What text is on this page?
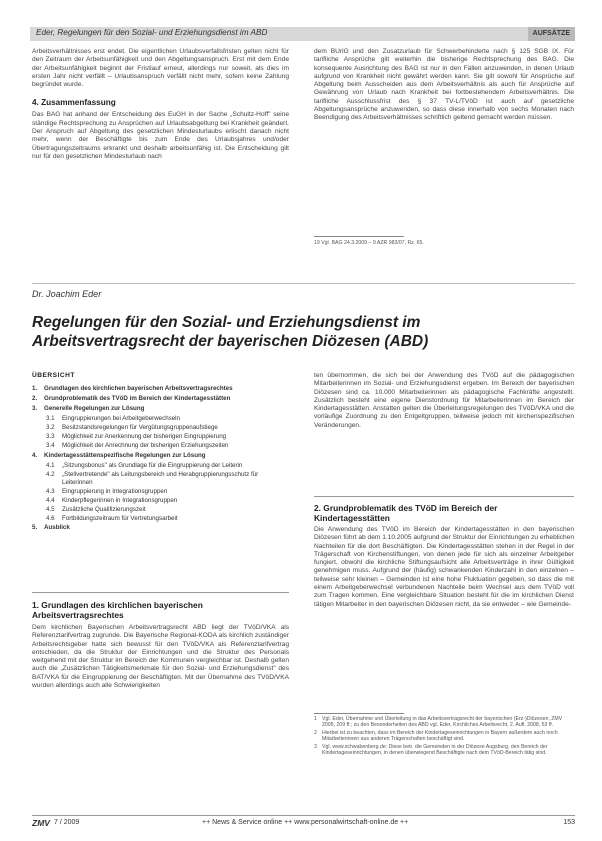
Eder, Regelungen für den Sozial- und Erziehungsdienst im ABD	AUFSÄTZE

Arbeitsverhältnisses erst endet. Die eigentlichen Urlaubsverfallsfristen gelten nicht für den Zeitraum der Arbeitsunfähigkeit und den Abgeltungsanspruch. Erst mit dem Ende der Arbeitsunfähigkeit beginnt der Fristlauf erneut, allerdings nur soweit, als dies im ersten Jahr nicht verfällt – Urlaubsanspruch verfällt nicht mehr, sofern keine Zahlung begründet wurde.

4. Zusammenfassung

Das BAG hat anhand der Entscheidung des EuGH in der Sache „Schultz-Hoff" seine ständige Rechtsprechung zu Ansprüchen auf Urlaubsabgeltung bei Krankheit geändert. Der Anspruch auf Abgeltung des gesetzlichen Mindesturlaubs erlischt danach nicht mehr, wenn der Beschäftigte bis zum Ende des Urlaubsjahres und/oder Übertragungszeitraums erkrankt und deshalb arbeitsunfähig ist. Die Entscheidung gilt nur für den gesetzlichen Mindesturlaub nach

dem BUrlG und den Zusatzurlaub für Schwerbehinderte nach § 125 SGB IX. Für tarifliche Ansprüche gilt weiterhin die bisherige Rechtsprechung des BAG. Die konsequente Ausrichtung des BAG ist nur in den Fällen anzuwenden, in denen Urlaub aufgrund von Krankheit nicht gewährt werden kann. Sie gilt sowohl für Ansprüche auf Abgeltung beim Ausscheiden aus dem Arbeitsverhältnis als auch für Ansprüche auf Gewährung von Urlaub nach Krankheit bei fortbestehendem Arbeitsverhältnis. Die tarifliche Ausschlussfrist des § 37 TV-L/TVöD ist auch auf gesetzliche Abgeltungsansprüche anzuwenden, so dass diese innerhalb von sechs Monaten nach Beendigung des Arbeitsverhältnisses schriftlich geltend gemacht werden müssen.

19 Vgl. BAG 24.3.2009 – 9 AZR 983/07, Rz. 65.
Dr. Joachim Eder
Regelungen für den Sozial- und Erziehungsdienst im Arbeitsvertragsrecht der bayerischen Diözesen (ABD)
ÜBERSICHT
1.	Grundlagen des kirchlichen bayerischen Arbeitsvertragsrechtes
2.	Grundproblematik des TVöD im Bereich der Kindertagesstätten
3.	Generelle Regelungen zur Lösung
3.1	Eingruppierungen bei Arbeitgeberwechseln
3.2	Besitzstandsregelungen für Vergütungsgruppenaufstiege
3.3	Möglichkeit zur Anerkennung der bisherigen Eingruppierung
3.4	Möglichkeit der Anrechnung der bisherigen Erziehungszeiten
4.	Kindertagesstättenspezifische Regelungen zur Lösung
4.1	„Sitzungsbonus" als Grundlage für die Eingruppierung der Leiterin
4.2	„Stellvertretende" als Leitungsbereich und Herabgruppierungsschutz für Leiterinnen
4.3	Eingruppierung in Integrationsgruppen
4.4	Kinderpflegerinnen in Integrationsgruppen
4.5	Zusätzliche Qualifizierungszeit
4.6	Fortbildungszeitraum für Vertretungsarbeit
5.	Ausblick
1. Grundlagen des kirchlichen bayerischen Arbeitsvertragsrechtes
Dem kirchlichen Bayerischen Arbeitsvertragsrecht ABD liegt der TVöD/VKA als Referenztarifvertrag zugrunde. Die Bayerische Regional-KODA als kirchlich zuständiger Arbeitsrechtsgeber hatte sich bewusst für den TVöD/VKA als Referenztarifvertrag entschieden, da die Struktur der Einrichtungen und die Struktur des Personals weitgehend mit der Struktur im Bereich der Kommunen vergleichbar ist. Deshalb gelten auch die „Zusätzlichen Tätigkeitsmerkmale für den Sozial- und Erziehungsdienst" des BAT/VKA für die Eingruppierung der Beschäftigten. Mit der Übernahme des TVöD/VKA wurden allerdings auch alle Schwierigkeiten
ten übernommen, die sich bei der Anwendung des TVöD auf die pädagogischen Mitarbeiterinnen im Sozial- und Erziehungsdienst ergeben. Im Bereich der bayerischen Diözesen sind ca. 10.000 Mitarbeiterinnen als pädagogische Fachkräfte angestellt. Zusätzlich besteht eine eigene Dienstordnung für Mitarbeiterinnen im Bereich der Kindertagesstätten. Anstatten gelten die Überleitungsregelungen des TVöD/VKA und die vorläufige Zuordnung zu den Entgeltgruppen, teilweise jedoch mit kirchenspezifischen Veränderungen.
2. Grundproblematik des TVöD im Bereich der Kindertagesstätten
Die Anwendung des TVöD im Bereich der Kindertagesstätten in den bayerischen Diözesen führt ab dem 1.10.2005 aufgrund der Struktur der Einrichtungen zu erheblichen Nachteilen für die dort Beschäftigten. Die Kindertagesstätten stehen in der Regel in der Trägerschaft von Kirchenstiftungen, von denen jede für sich als einzelner Arbeitgeber fungiert, obwohl die kirchliche Stiftungsaufsicht alle Arbeitsverträge in ihrer Gültigkeit genehmigen muss. Aufgrund der (häufig) schwankenden Kinderzahl in den einzelnen – teilweise sehr kleinen – Gemeinden ist eine hohe Fluktuation gegeben, so dass die mit einem Arbeitgeberwechsel verbundenen Nachteile beim Wechsel aus dem TVöD voll zum Tragen kommen. Eine vergleichbare Situation besteht für die im kirchlichen Dienst tätigen Mitarbeiter in den bayerischen Diözesen nicht, da sie entweder – wie Gemeinde-
1 Vgl. Eder, Übernahme und Überleitung in das Arbeitsvertragsrecht der bayerischen (Erz-)Diözesen, ZMV 2005, 209 ff.; zu den Besonderheiten des ABD vgl. Eder, Kirchliches Arbeitsrecht, 2. Aufl. 2008, 53 ff.
2 Hierbei ist zu beachten, dass im Bereich der Kindertageseinrichtungen in Bayern außerdem auch noch Mitarbeiterinnen aus anderen Trägerschaften beschäftigt sind.
3 Vgl. www.schwabenberg.de: Diese betr. die Gemeinden in der Diözese Augsburg, den Bereich der Kindertageseinrichtungen, in denen überwiegend Beschäftigte nach dem TVöD-Bereich tätig sind.
ZMV 7 / 2009	++ News & Service online ++ www.personalwirtschaft-online.de ++	153
